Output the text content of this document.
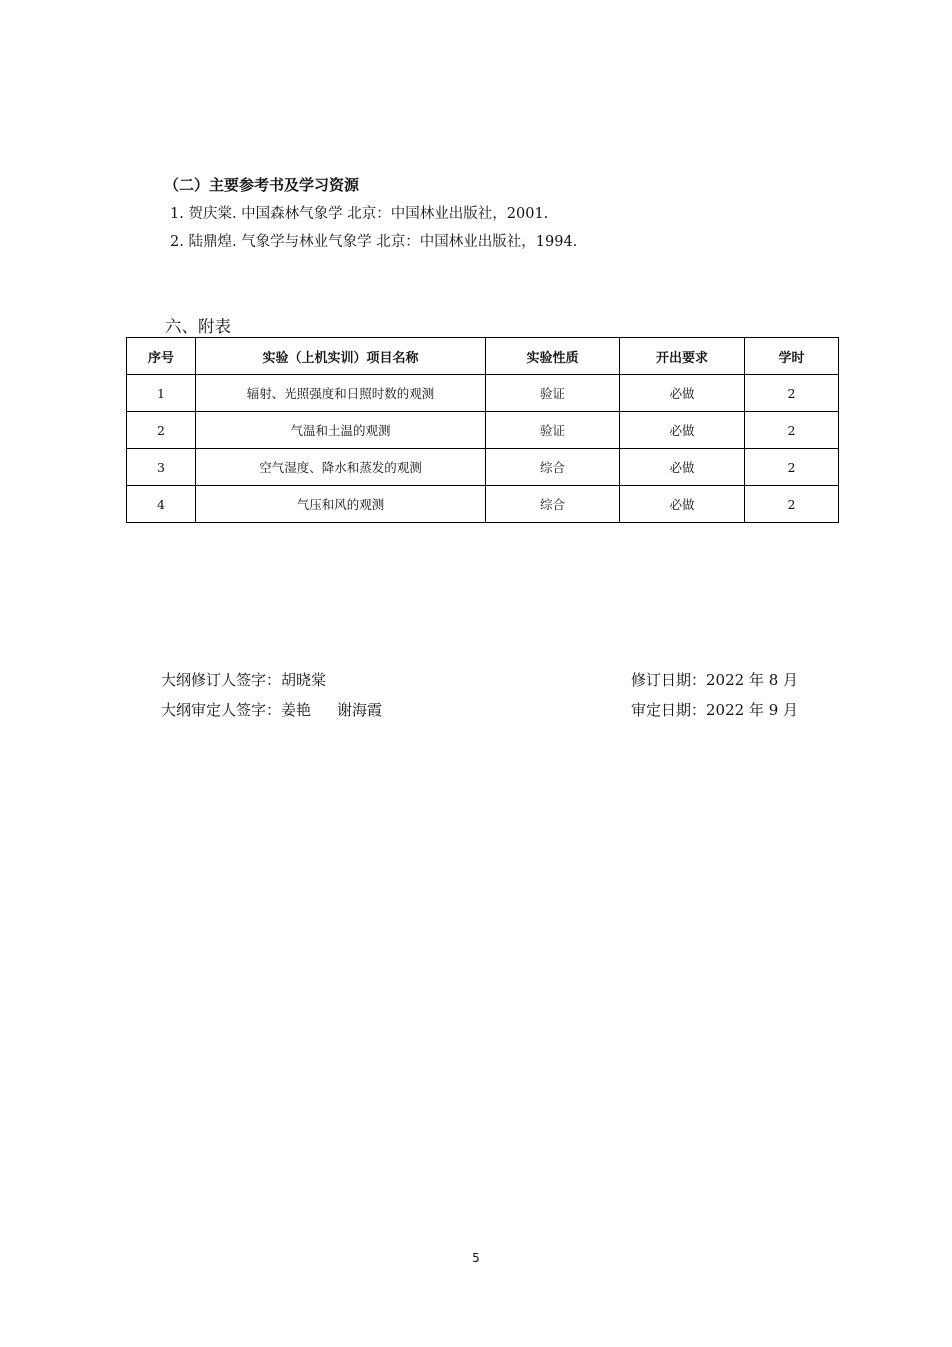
（二）主要参考书及学习资源
1. 贺庆棠. 中国森林气象学 北京：中国林业出版社，2001.
2. 陆鼎煌. 气象学与林业气象学 北京：中国林业出版社，1994.
六、附表
序号	实验（上机实训）项目名称	实验性质	开出要求	学时
1	辐射、光照强度和日照时数的观测	验证	必做	2
2	气温和土温的观测	验证	必做	2
3	空气湿度、降水和蒸发的观测	综合	必做	2
4	气压和风的观测	综合	必做	2
大纲修订人签字：胡晓棠
大纲审定人签字：姜艳 谢海霞
修订日期：2022 年 8 月
审定日期：2022 年 9 月
5
